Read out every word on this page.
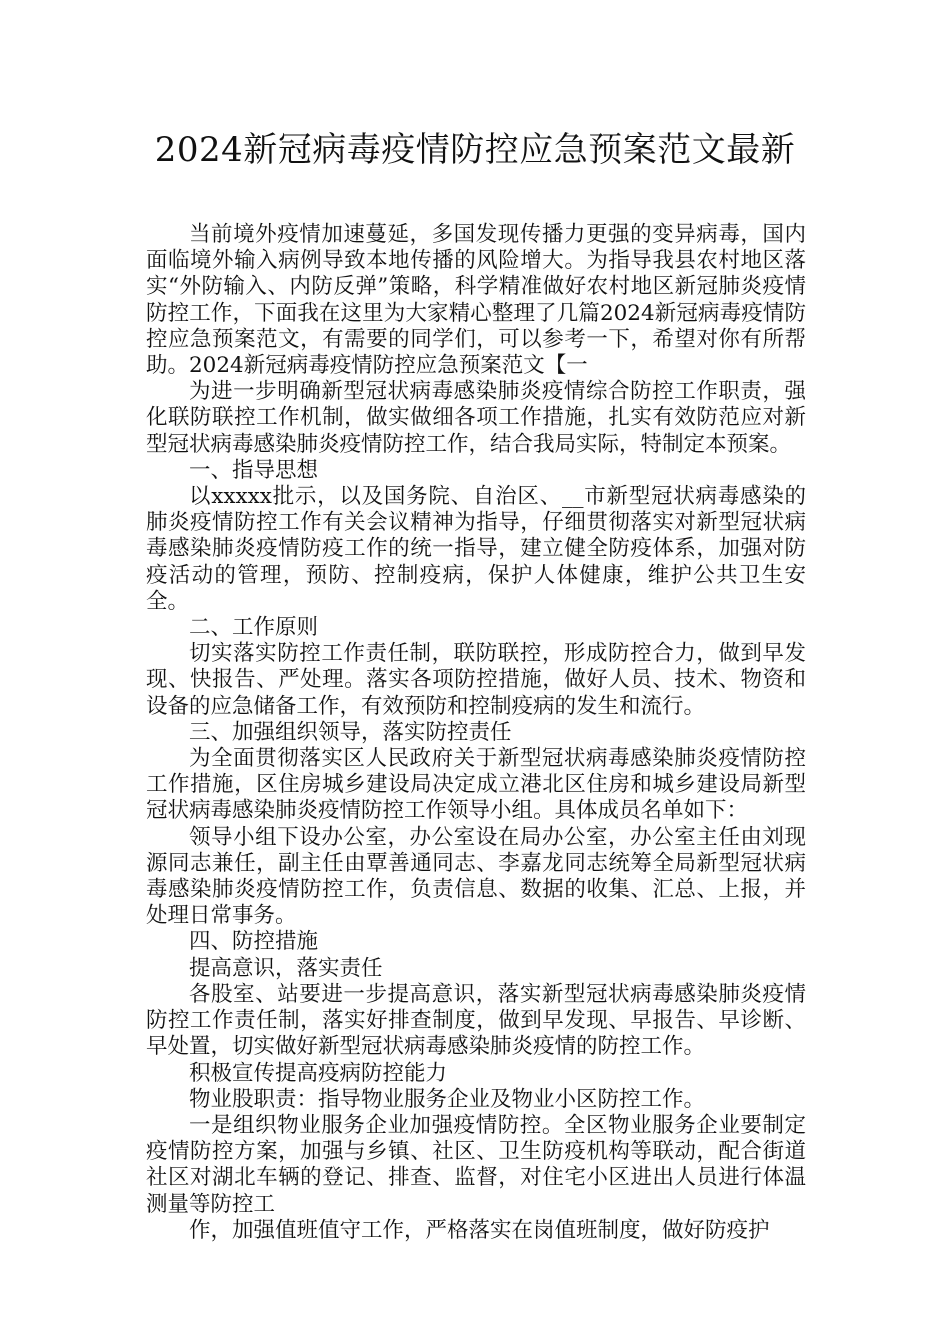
2024新冠病毒疫情防控应急预案范文最新

当前境外疫情加速蔓延，多国发现传播力更强的变异病毒，国内面临境外输入病例导致本地传播的风险增大。为指导我县农村地区落实“外防输入、内防反弹”策略，科学精准做好农村地区新冠肺炎疫情防控工作，下面我在这里为大家精心整理了几篇2024新冠病毒疫情防控应急预案范文，有需要的同学们，可以参考一下，希望对你有所帮助。2024新冠病毒疫情防控应急预案范文【一

为进一步明确新型冠状病毒感染肺炎疫情综合防控工作职责，强化联防联控工作机制，做实做细各项工作措施，扎实有效防范应对新型冠状病毒感染肺炎疫情防控工作，结合我局实际，特制定本预案。

一、指导思想

以xxxxx批示，以及国务院、自治区、__市新型冠状病毒感染的肺炎疫情防控工作有关会议精神为指导，仔细贯彻落实对新型冠状病毒感染肺炎疫情防疫工作的统一指导，建立健全防疫体系，加强对防疫活动的管理，预防、控制疫病，保护人体健康，维护公共卫生安全。

二、工作原则

切实落实防控工作责任制，联防联控，形成防控合力，做到早发现、快报告、严处理。落实各项防控措施，做好人员、技术、物资和设备的应急储备工作，有效预防和控制疫病的发生和流行。

三、加强组织领导，落实防控责任

为全面贯彻落实区人民政府关于新型冠状病毒感染肺炎疫情防控工作措施，区住房城乡建设局决定成立港北区住房和城乡建设局新型冠状病毒感染肺炎疫情防控工作领导小组。具体成员名单如下：

领导小组下设办公室，办公室设在局办公室，办公室主任由刘现源同志兼任，副主任由覃善通同志、李嘉龙同志统筹全局新型冠状病毒感染肺炎疫情防控工作，负责信息、数据的收集、汇总、上报，并处理日常事务。

四、防控措施

提高意识，落实责任

各股室、站要进一步提高意识，落实新型冠状病毒感染肺炎疫情防控工作责任制，落实好排查制度，做到早发现、早报告、早诊断、早处置，切实做好新型冠状病毒感染肺炎疫情的防控工作。

积极宣传提高疫病防控能力

物业股职责：指导物业服务企业及物业小区防控工作。

一是组织物业服务企业加强疫情防控。全区物业服务企业要制定疫情防控方案，加强与乡镇、社区、卫生防疫机构等联动，配合街道社区对湖北车辆的登记、排查、监督，对住宅小区进出人员进行体温测量等防控工

作，加强值班值守工作，严格落实在岗值班制度，做好防疫护
